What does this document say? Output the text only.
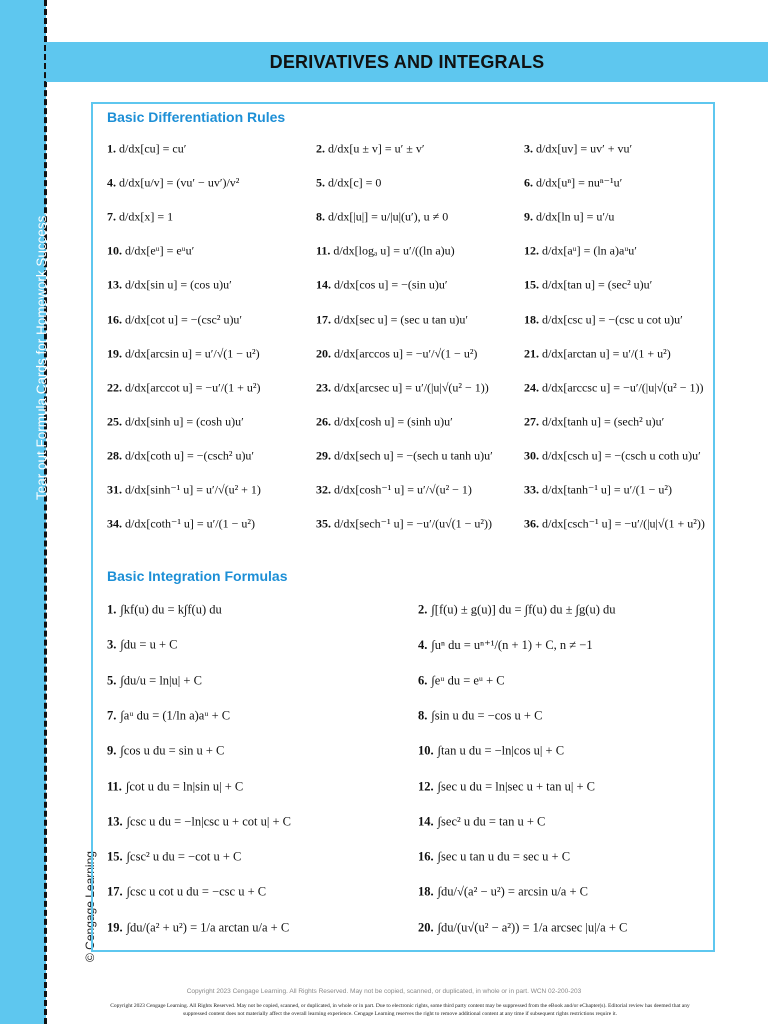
Tear out Formula Cards for Homework Success.
© Cengage Learning
DERIVATIVES AND INTEGRALS
Basic Differentiation Rules
1. d/dx[cu] = cu′	2. d/dx[u ± v] = u′ ± v′	3. d/dx[uv] = uv′ + vu′
4. d/dx[u/v] = (vu′ − uv′)/v²	5. d/dx[c] = 0	6. d/dx[uⁿ] = nuⁿ⁻¹u′
7. d/dx[x] = 1	8. d/dx[|u|] = u/|u|(u′), u ≠ 0	9. d/dx[ln u] = u′/u
10. d/dx[eᵘ] = eᵘu′	11. d/dx[logₐ u] = u′/((ln a)u)	12. d/dx[aᵘ] = (ln a)aᵘu′
13. d/dx[sin u] = (cos u)u′	14. d/dx[cos u] = −(sin u)u′	15. d/dx[tan u] = (sec² u)u′
16. d/dx[cot u] = −(csc² u)u′	17. d/dx[sec u] = (sec u tan u)u′	18. d/dx[csc u] = −(csc u cot u)u′
19. d/dx[arcsin u] = u′/√(1 − u²)	20. d/dx[arccos u] = −u′/√(1 − u²)	21. d/dx[arctan u] = u′/(1 + u²)
22. d/dx[arccot u] = −u′/(1 + u²)	23. d/dx[arcsec u] = u′/(|u|√(u² − 1))	24. d/dx[arccsc u] = −u′/(|u|√(u² − 1))
25. d/dx[sinh u] = (cosh u)u′	26. d/dx[cosh u] = (sinh u)u′	27. d/dx[tanh u] = (sech² u)u′
28. d/dx[coth u] = −(csch² u)u′	29. d/dx[sech u] = −(sech u tanh u)u′	30. d/dx[csch u] = −(csch u coth u)u′
31. d/dx[sinh⁻¹ u] = u′/√(u² + 1)	32. d/dx[cosh⁻¹ u] = u′/√(u² − 1)	33. d/dx[tanh⁻¹ u] = u′/(1 − u²)
34. d/dx[coth⁻¹ u] = u′/(1 − u²)	35. d/dx[sech⁻¹ u] = −u′/(u√(1 − u²))	36. d/dx[csch⁻¹ u] = −u′/(|u|√(1 + u²))
Basic Integration Formulas
1. ∫kf(u) du = k∫f(u) du	2. ∫[f(u) ± g(u)] du = ∫f(u) du ± ∫g(u) du
3. ∫du = u + C	4. ∫uⁿ du = uⁿ⁺¹/(n + 1) + C, n ≠ −1
5. ∫du/u = ln|u| + C	6. ∫eᵘ du = eᵘ + C
7. ∫aᵘ du = (1/ln a)aᵘ + C	8. ∫sin u du = −cos u + C
9. ∫cos u du = sin u + C	10. ∫tan u du = −ln|cos u| + C
11. ∫cot u du = ln|sin u| + C	12. ∫sec u du = ln|sec u + tan u| + C
13. ∫csc u du = −ln|csc u + cot u| + C	14. ∫sec² u du = tan u + C
15. ∫csc² u du = −cot u + C	16. ∫sec u tan u du = sec u + C
17. ∫csc u cot u du = −csc u + C	18. ∫du/√(a² − u²) = arcsin u/a + C
19. ∫du/(a² + u²) = 1/a arctan u/a + C	20. ∫du/(u√(u² − a²)) = 1/a arcsec |u|/a + C
Copyright 2023 Cengage Learning. All Rights Reserved. May not be copied, scanned, or duplicated, in whole or in part. WCN 02-200-203
Copyright 2023 Cengage Learning. All Rights Reserved. May not be copied, scanned, or duplicated, in whole or in part. Due to electronic rights, some third party content may be suppressed from the eBook and/or eChapter(s). Editorial review has deemed that any suppressed content does not materially affect the overall learning experience. Cengage Learning reserves the right to remove additional content at any time if subsequent rights restrictions require it.
